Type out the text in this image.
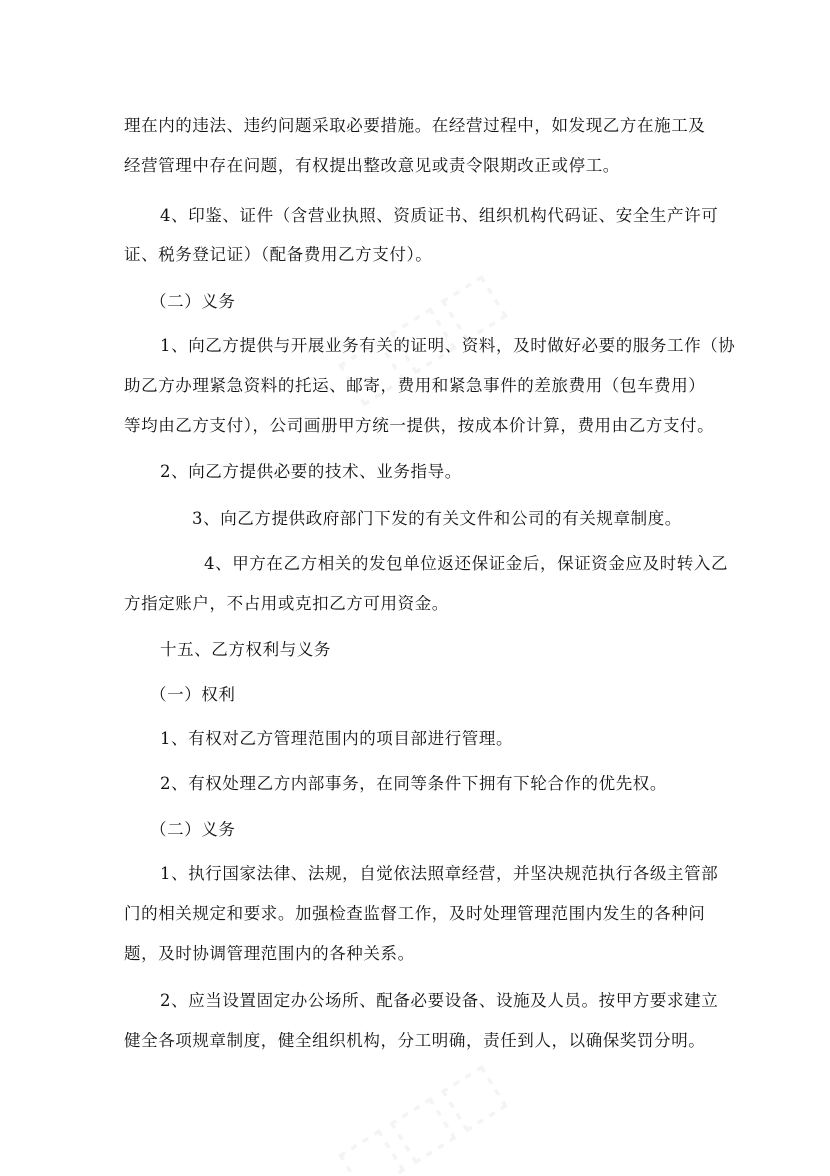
理在内的违法、违约问题采取必要措施。在经营过程中，如发现乙方在施工及
经营管理中存在问题，有权提出整改意见或责令限期改正或停工。
4、印鉴、证件（含营业执照、资质证书、组织机构代码证、安全生产许可
证、税务登记证）（配备费用乙方支付）。
（二）义务
1、向乙方提供与开展业务有关的证明、资料，及时做好必要的服务工作（协
助乙方办理紧急资料的托运、邮寄，费用和紧急事件的差旅费用（包车费用）
等均由乙方支付），公司画册甲方统一提供，按成本价计算，费用由乙方支付。
2、向乙方提供必要的技术、业务指导。
3、向乙方提供政府部门下发的有关文件和公司的有关规章制度。
4、甲方在乙方相关的发包单位返还保证金后，保证资金应及时转入乙
方指定账户，不占用或克扣乙方可用资金。
十五、乙方权利与义务
（一）权利
1、有权对乙方管理范围内的项目部进行管理。
2、有权处理乙方内部事务，在同等条件下拥有下轮合作的优先权。
（二）义务
1、执行国家法律、法规，自觉依法照章经营，并坚决规范执行各级主管部
门的相关规定和要求。加强检查监督工作，及时处理管理范围内发生的各种问
题，及时协调管理范围内的各种关系。
2、应当设置固定办公场所、配备必要设备、设施及人员。按甲方要求建立
健全各项规章制度，健全组织机构，分工明确，责任到人，以确保奖罚分明。
